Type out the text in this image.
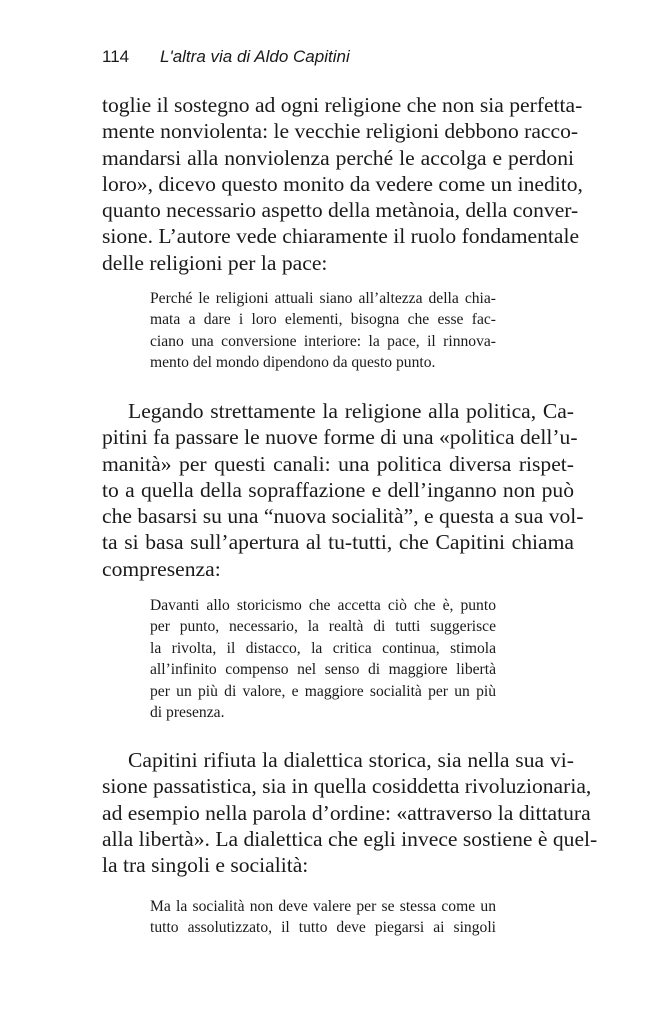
114 L'altra via di Aldo Capitini
toglie il sostegno ad ogni religione che non sia perfetta-
mente nonviolenta: le vecchie religioni debbono racco-
mandarsi alla nonviolenza perché le accolga e perdoni
loro», dicevo questo monito da vedere come un inedito,
quanto necessario aspetto della metànoia, della conver-
sione. L’autore vede chiaramente il ruolo fondamentale
delle religioni per la pace:
Perché le religioni attuali siano all’altezza della chia-
mata a dare i loro elementi, bisogna che esse fac-
ciano una conversione interiore: la pace, il rinnova-
mento del mondo dipendono da questo punto.
Legando strettamente la religione alla politica, Ca-
pitini fa passare le nuove forme di una «politica dell’u-
manità» per questi canali: una politica diversa rispet-
to a quella della sopraffazione e dell’inganno non può
che basarsi su una “nuova socialità”, e questa a sua vol-
ta si basa sull’apertura al tu-tutti, che Capitini chiama
compresenza:
Davanti allo storicismo che accetta ciò che è, punto
per punto, necessario, la realtà di tutti suggerisce
la rivolta, il distacco, la critica continua, stimola
all’infinito compenso nel senso di maggiore libertà
per un più di valore, e maggiore socialità per un più
di presenza.
Capitini rifiuta la dialettica storica, sia nella sua vi-
sione passatistica, sia in quella cosiddetta rivoluzionaria,
ad esempio nella parola d’ordine: «attraverso la dittatura
alla libertà». La dialettica che egli invece sostiene è quel-
la tra singoli e socialità:
Ma la socialità non deve valere per se stessa come un
tutto assolutizzato, il tutto deve piegarsi ai singoli
